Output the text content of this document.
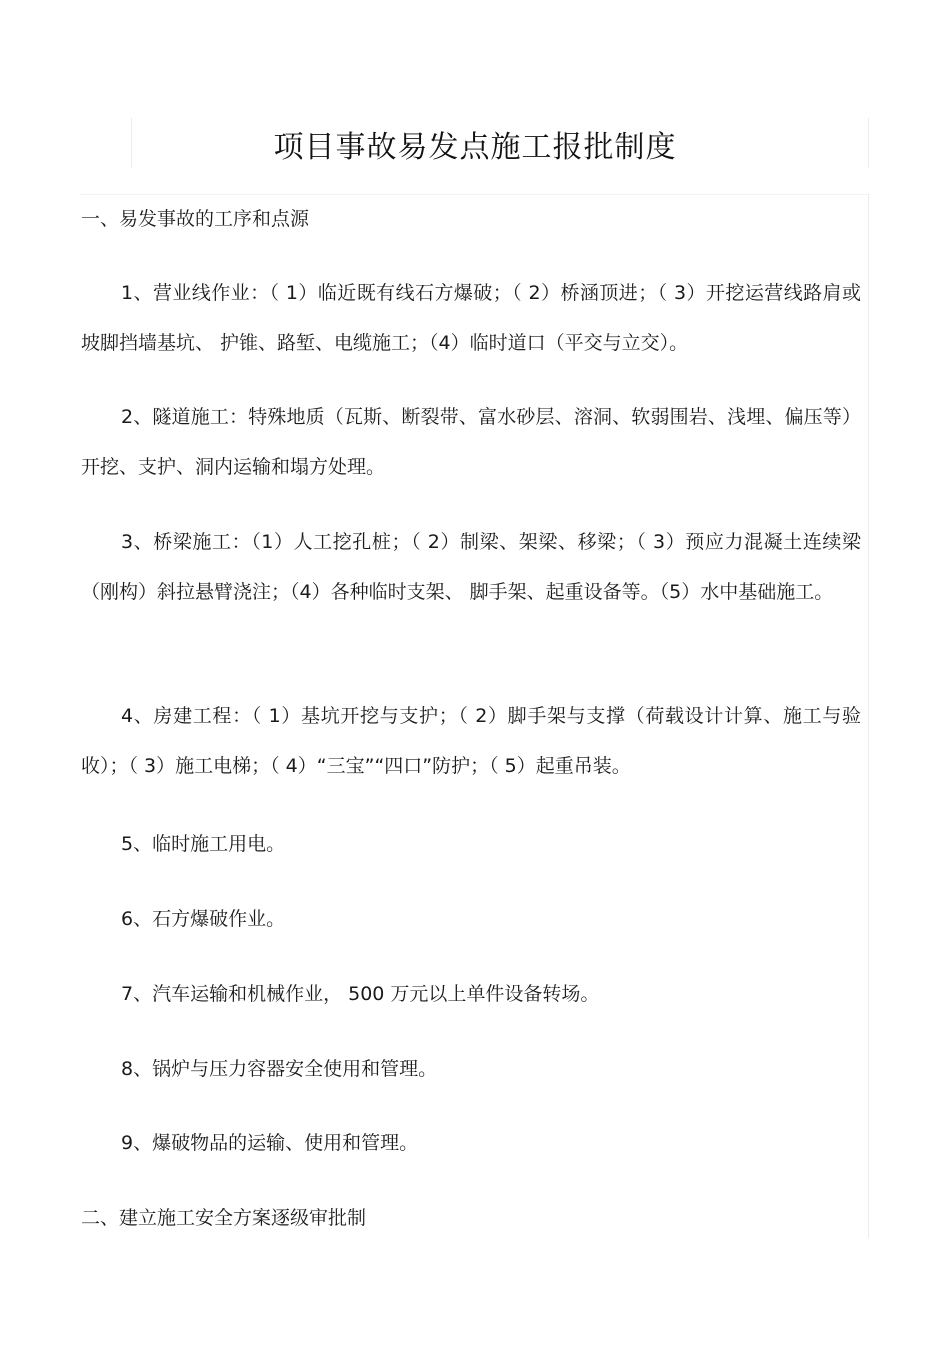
项目事故易发点施工报批制度
一、易发事故的工序和点源
1、营业线作业：（ 1）临近既有线石方爆破；（ 2）桥涵顶进；（ 3）开挖运营线路肩或坡脚挡墙基坑、 护锥、路堑、电缆施工；（4）临时道口（平交与立交）。
2、隧道施工：特殊地质（瓦斯、断裂带、富水砂层、溶洞、软弱围岩、浅埋、偏压等）开挖、支护、洞内运输和塌方处理。
3、桥梁施工：（1）人工挖孔桩；（ 2）制梁、架梁、移梁；（ 3）预应力混凝土连续梁（刚构）斜拉悬臂浇注；（4）各种临时支架、 脚手架、起重设备等。（5）水中基础施工。
4、房建工程：（ 1）基坑开挖与支护；（ 2）脚手架与支撑（荷载设计计算、施工与验收）；（ 3）施工电梯；（ 4）“三宝”“四口”防护；（ 5）起重吊装。
5、临时施工用电。
6、石方爆破作业。
7、汽车运输和机械作业， 500 万元以上单件设备转场。
8、锅炉与压力容器安全使用和管理。
9、爆破物品的运输、使用和管理。
二、建立施工安全方案逐级审批制
